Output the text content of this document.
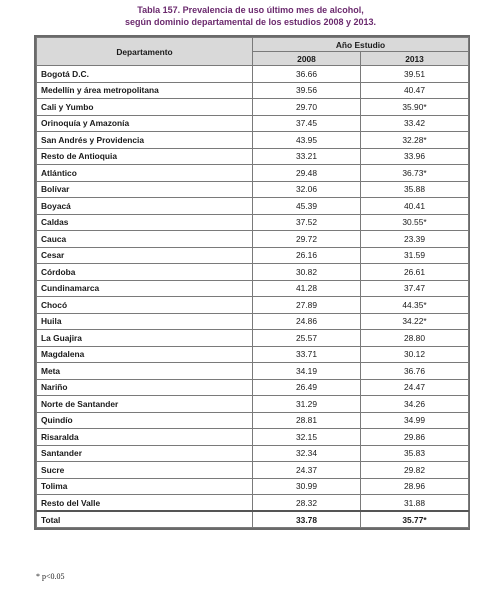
Tabla 157. Prevalencia de uso último mes de alcohol,
según dominio departamental de los estudios 2008 y 2013.
Departamento	Año Estudio	
	2008	2013
Bogotá D.C.	36.66	39.51
Medellín y área metropolitana	39.56	40.47
Cali y Yumbo	29.70	35.90*
Orinoquía y Amazonía	37.45	33.42
San Andrés y Providencia	43.95	32.28*
Resto de Antioquia	33.21	33.96
Atlántico	29.48	36.73*
Bolívar	32.06	35.88
Boyacá	45.39	40.41
Caldas	37.52	30.55*
Cauca	29.72	23.39
Cesar	26.16	31.59
Córdoba	30.82	26.61
Cundinamarca	41.28	37.47
Chocó	27.89	44.35*
Huila	24.86	34.22*
La Guajira	25.57	28.80
Magdalena	33.71	30.12
Meta	34.19	36.76
Nariño	26.49	24.47
Norte de Santander	31.29	34.26
Quindío	28.81	34.99
Risaralda	32.15	29.86
Santander	32.34	35.83
Sucre	24.37	29.82
Tolima	30.99	28.96
Resto del Valle	28.32	31.88
Total	33.78	35.77*
* p<0.05
